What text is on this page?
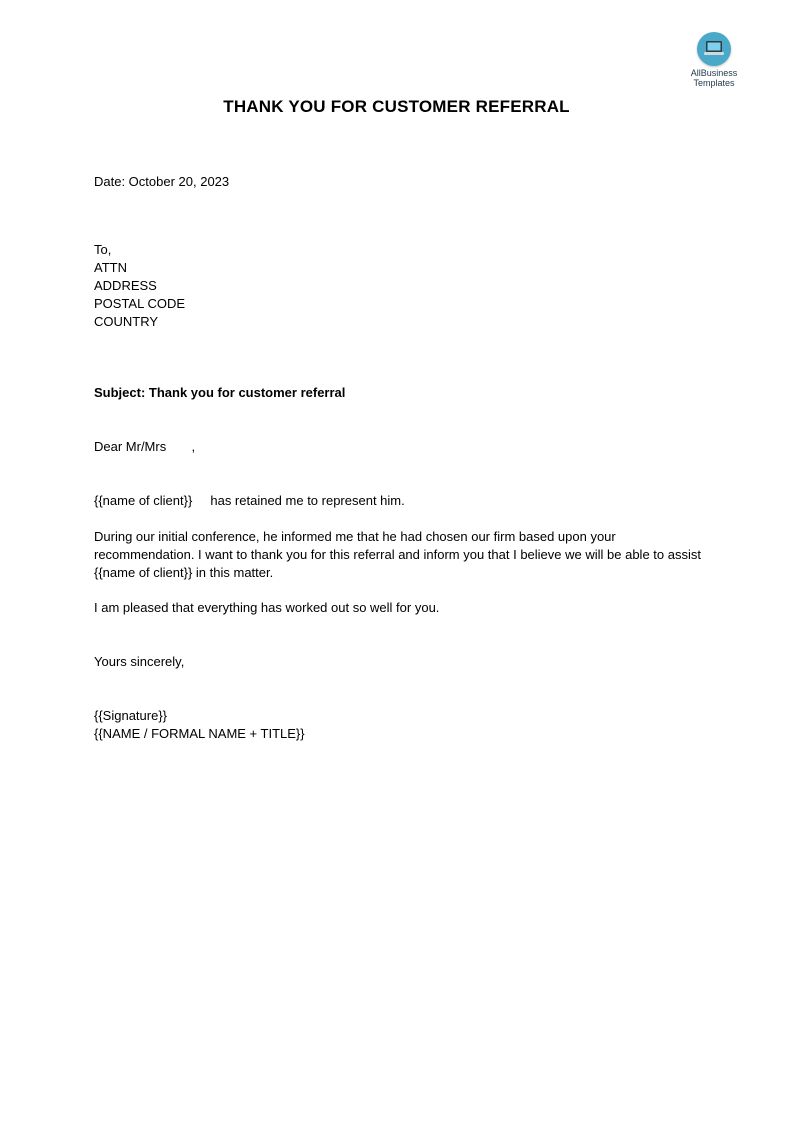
AllBusiness
Templates
THANK YOU FOR CUSTOMER REFERRAL
Date: October 20, 2023
To,
ATTN
ADDRESS
POSTAL CODE
COUNTRY
Subject: Thank you for customer referral
Dear Mr/Mrs       ,
{{name of client}}     has retained me to represent him.
During our initial conference, he informed me that he had chosen our firm based upon your recommendation. I want to thank you for this referral and inform you that I believe we will be able to assist {{name of client}} in this matter.
I am pleased that everything has worked out so well for you.
Yours sincerely,
{{Signature}}
{{NAME / FORMAL NAME + TITLE}}
